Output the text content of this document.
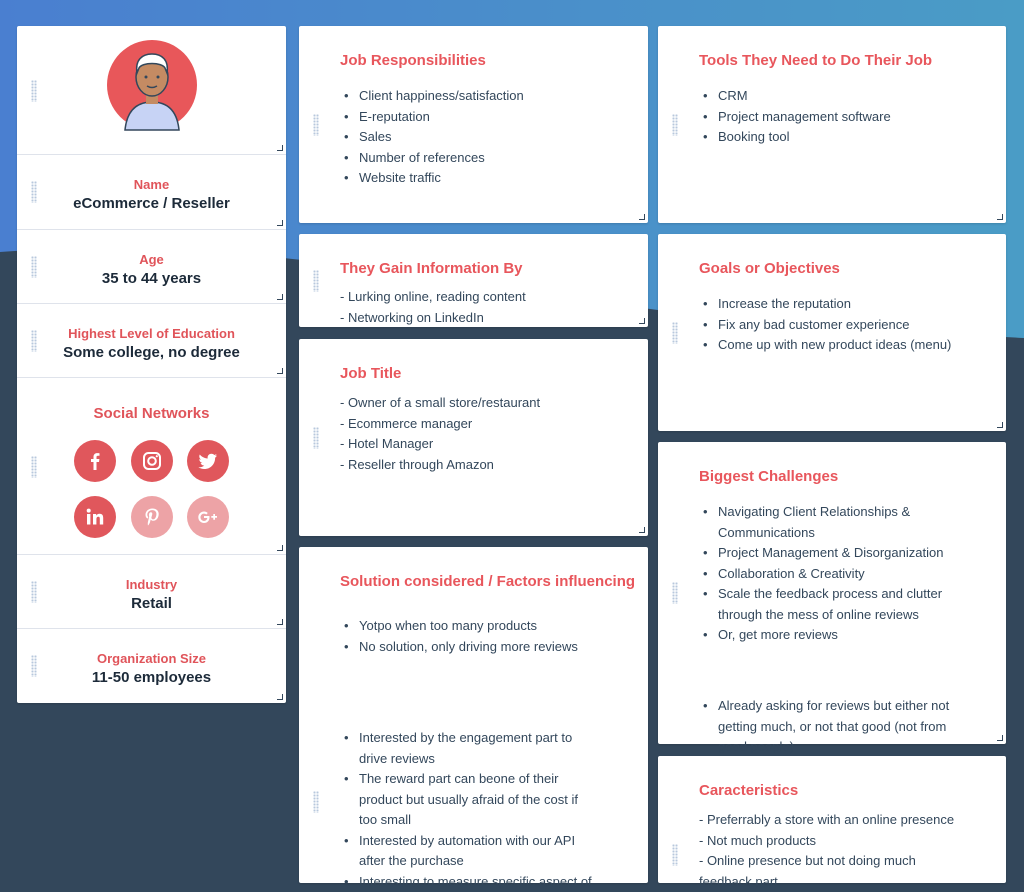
Name
eCommerce / Reseller
Age
35 to 44 years
Highest Level of Education
Some college, no degree
Social Networks
Industry
Retail
Organization Size
11-50 employees
Job Responsibilities
• Client happiness/satisfaction
• E-reputation
• Sales
• Number of references
• Website traffic
They Gain Information By
- Lurking online, reading content
- Networking on LinkedIn
Job Title
- Owner of a small store/restaurant
- Ecommerce manager
- Hotel Manager
- Reseller through Amazon
Solution considered / Factors influencing
• Yotpo when too many products
• No solution, only driving more reviews
• Interested by the engagement part to drive reviews
• The reward part can beone of their product but usually afraid of the cost if too small
• Interested by automation with our API after the purchase
• Interesting to measure specific aspect of
Tools They Need to Do Their Job
• CRM
• Project management software
• Booking tool
Goals or Objectives
• Increase the reputation
• Fix any bad customer experience
• Come up with new product ideas (menu)
Biggest Challenges
• Navigating Client Relationships & Communications
• Project Management & Disorganization
• Collaboration & Creativity
• Scale the feedback process and clutter through the mess of online reviews
• Or, get more reviews
• Already asking for reviews but either not getting much, or not that good (not from good people)
Caracteristics
- Preferrably a store with an online presence
- Not much products
- Online presence but not doing much
feedback part
